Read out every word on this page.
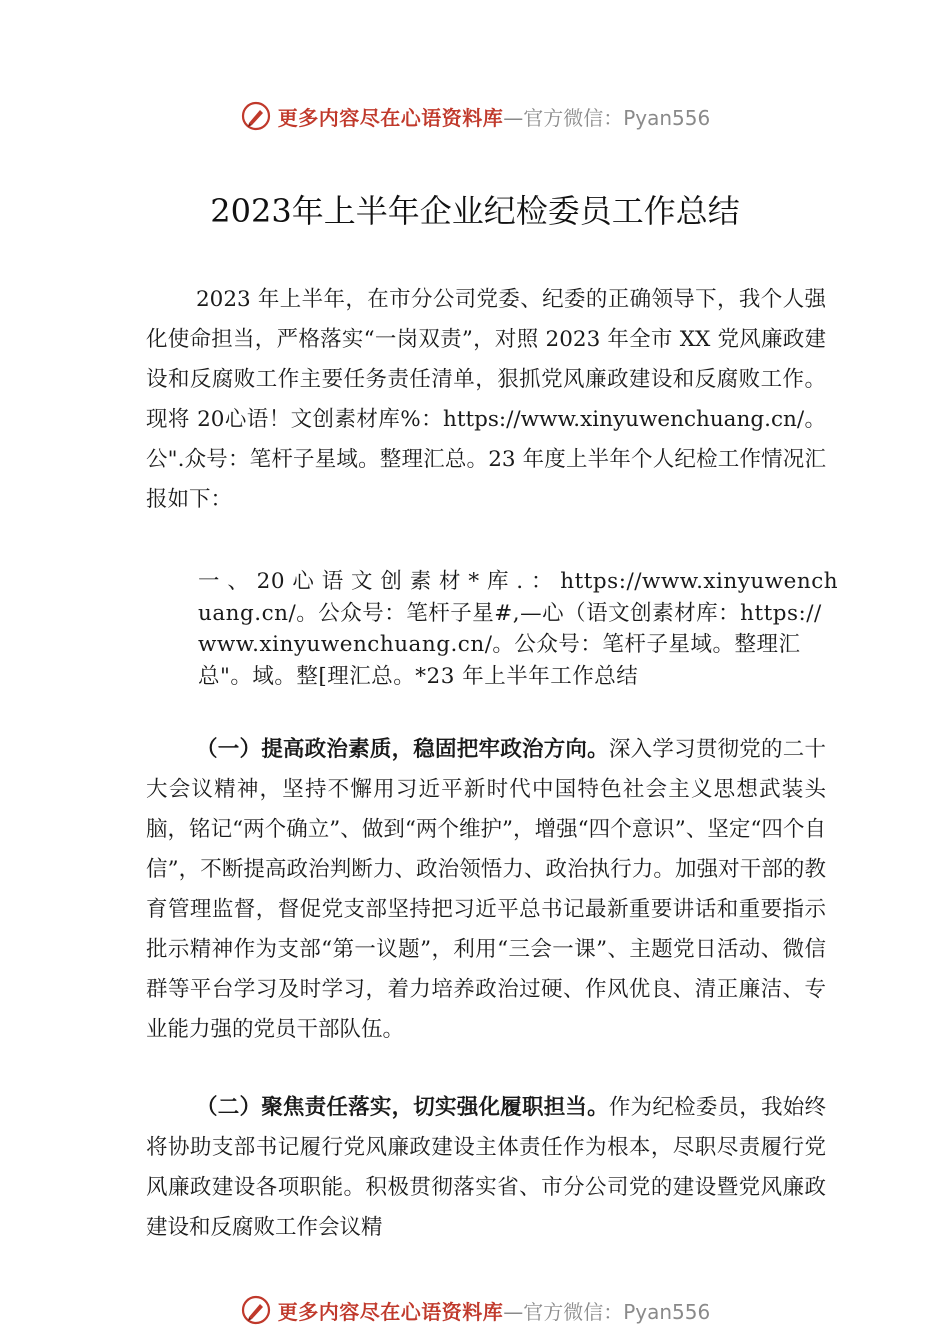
更多内容尽在心语资料库 —官方微信：Pyan556
2023年上半年企业纪检委员工作总结

2023 年上半年，在市分公司党委、纪委的正确领导下，我个人强化使命担当，严格落实“一岗双责”，对照 2023 年全市 XX 党风廉政建设和反腐败工作主要任务责任清单，狠抓党风廉政建设和反腐败工作。现将 20心语！文创素材库%：https://www.xinyuwenchuang.cn/。公".众号：笔杆子星域。整理汇总。23 年度上半年个人纪检工作情况汇报如下：

一 、 20 心 语 文 创 素 材 * 库 . ： https://www.xinyuwenchuang.cn/。公众号：笔杆子星#,—心（语文创素材库：https://www.xinyuwenchuang.cn/。公众号：笔杆子星域。整理汇总"。域。整[理汇总。*23 年上半年工作总结

（一）提高政治素质，稳固把牢政治方向。深入学习贯彻党的二十大会议精神，坚持不懈用习近平新时代中国特色社会主义思想武装头脑，铭记“两个确立”、做到“两个维护”，增强“四个意识”、坚定“四个自信”，不断提高政治判断力、政治领悟力、政治执行力。加强对干部的教育管理监督，督促党支部坚持把习近平总书记最新重要讲话和重要指示批示精神作为支部“第一议题”，利用“三会一课”、主题党日活动、微信群等平台学习及时学习，着力培养政治过硬、作风优良、清正廉洁、专业能力强的党员干部队伍。

（二）聚焦责任落实，切实强化履职担当。作为纪检委员，我始终将协助支部书记履行党风廉政建设主体责任作为根本，尽职尽责履行党风廉政建设各项职能。积极贯彻落实省、市分公司党的建设暨党风廉政建设和反腐败工作会议精

更多内容尽在心语资料库 —官方微信：Pyan556
